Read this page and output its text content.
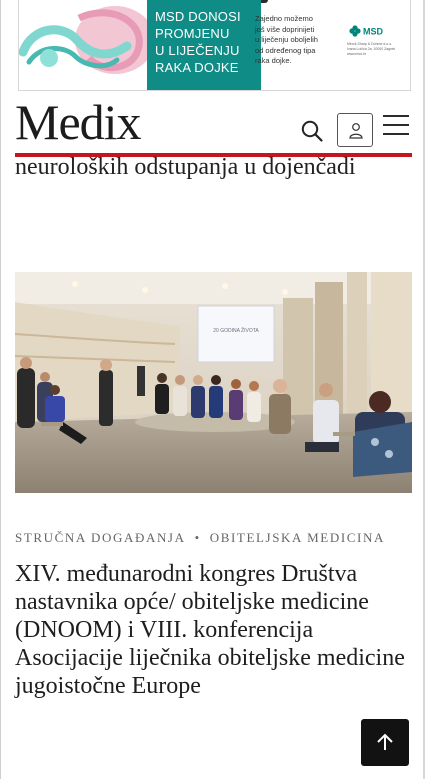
MSD DONOSI
PROMJENU
U LIJEČENJU
RAKA DOJKE
Zajedno možemo
još više doprinijeti
u liječenju oboljelih
od određenog tipa
raka dojke.
MSD
Merck Sharp & Dohme d.o.o.
Ivana Lučića 2a, 10000 Zagreb
www.msd.hr
Medix
neuroloških odstupanja u dojenčadi
20 GODINA ŽIVOTA
STRUČNA DOGAĐANJA • OBITELJSKA MEDICINA
XIV. međunarodni kongres Društva nastavnika opće/ obiteljske medicine (DNOOM) i VIII. konferencija Asocijacije liječnika obiteljske medicine jugoistočne Europe
